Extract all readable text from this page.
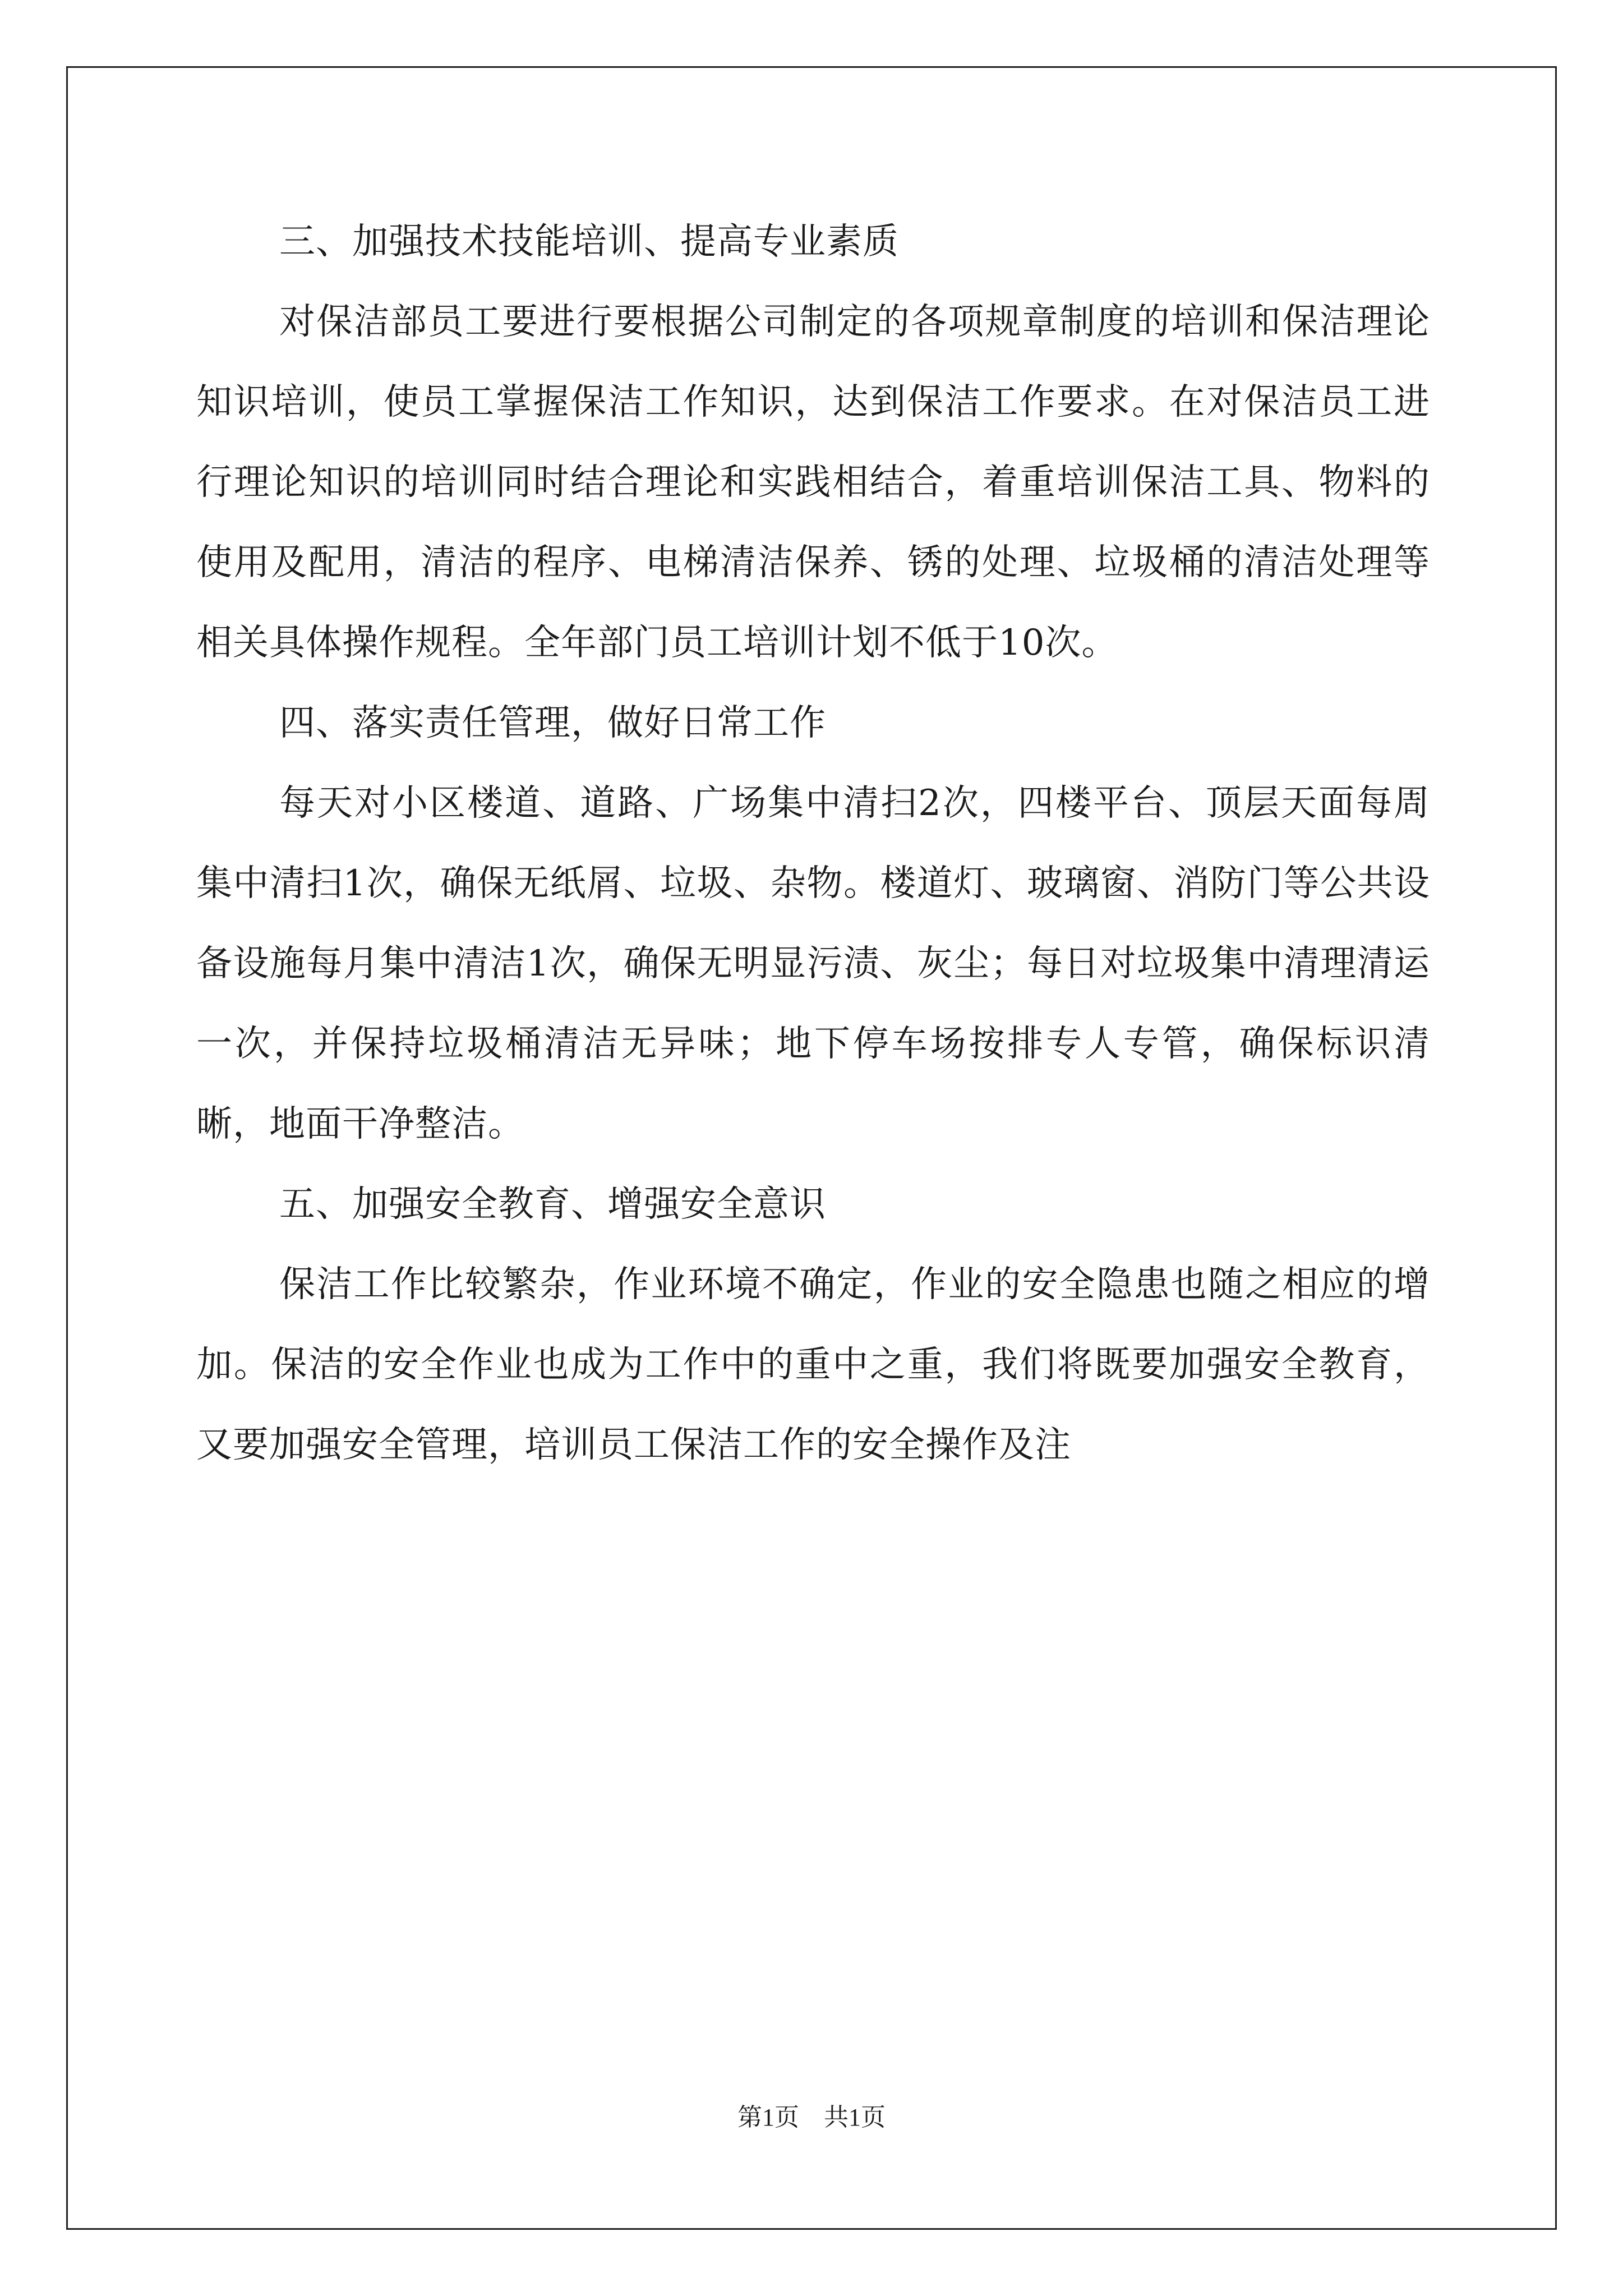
三、加强技术技能培训、提高专业素质

对保洁部员工要进行要根据公司制定的各项规章制度的培训和保洁理论知识培训，使员工掌握保洁工作知识，达到保洁工作要求。在对保洁员工进行理论知识的培训同时结合理论和实践相结合，着重培训保洁工具、物料的使用及配用，清洁的程序、电梯清洁保养、锈的处理、垃圾桶的清洁处理等相关具体操作规程。全年部门员工培训计划不低于10次。

四、落实责任管理，做好日常工作

每天对小区楼道、道路、广场集中清扫2次，四楼平台、顶层天面每周集中清扫1次，确保无纸屑、垃圾、杂物。楼道灯、玻璃窗、消防门等公共设备设施每月集中清洁1次，确保无明显污渍、灰尘；每日对垃圾集中清理清运一次，并保持垃圾桶清洁无异味；地下停车场按排专人专管，确保标识清晰，地面干净整洁。

五、加强安全教育、增强安全意识

保洁工作比较繁杂，作业环境不确定，作业的安全隐患也随之相应的增加。保洁的安全作业也成为工作中的重中之重，我们将既要加强安全教育，又要加强安全管理，培训员工保洁工作的安全操作及注

第1页　共1页
